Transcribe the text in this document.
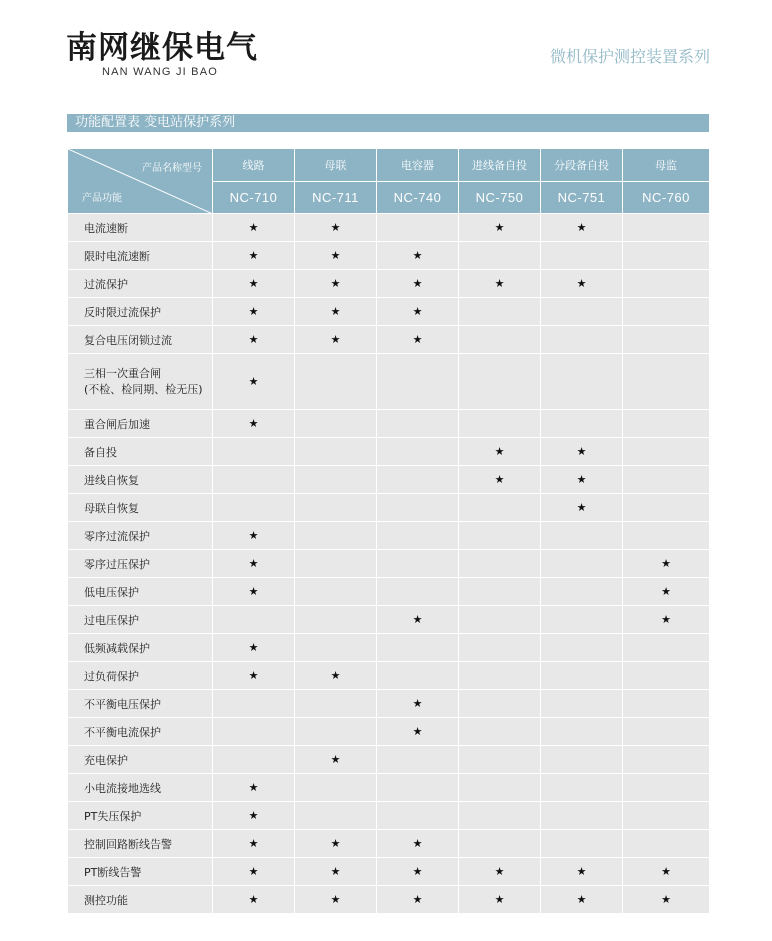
南网继保电气
NAN WANG JI BAO
微机保护测控装置系列
功能配置表 变电站保护系列
产品名称型号
产品功能	线路	母联	电容器	进线备自投	分段备自投	母监
	NC-710	NC-711	NC-740	NC-750	NC-751	NC-760
电流速断	★	★		★	★	
限时电流速断	★	★	★			
过流保护	★	★	★	★	★	
反时限过流保护	★	★	★			
复合电压闭锁过流	★	★	★			

三相一次重合闸
(不检、检同期、检无压)	★					
重合闸后加速	★					
备自投				★	★	
进线自恢复				★	★	
母联自恢复					★	
零序过流保护	★					
零序过压保护	★					★
低电压保护	★					★
过电压保护			★			★
低频减载保护	★					
过负荷保护	★	★				
不平衡电压保护			★			
不平衡电流保护			★			
充电保护		★				
小电流接地选线	★					
PT失压保护	★					
控制回路断线告警	★	★	★			
PT断线告警	★	★	★	★	★	★
测控功能	★	★	★	★	★	★
